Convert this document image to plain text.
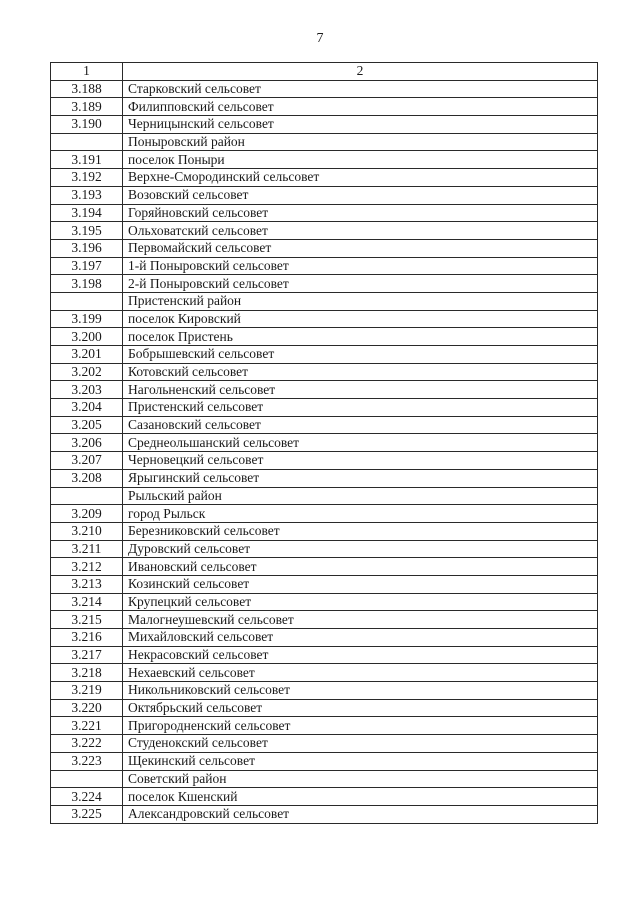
7
1	2
3.188	Старковский сельсовет
3.189	Филипповский сельсовет
3.190	Черницынский сельсовет
	Поныровский район
3.191	поселок Поныри
3.192	Верхне-Смородинский сельсовет
3.193	Возовский сельсовет
3.194	Горяйновский сельсовет
3.195	Ольховатский сельсовет
3.196	Первомайский сельсовет
3.197	1-й Поныровский сельсовет
3.198	2-й Поныровский сельсовет
	Пристенский район
3.199	поселок Кировский
3.200	поселок Пристень
3.201	Бобрышевский сельсовет
3.202	Котовский сельсовет
3.203	Нагольненский сельсовет
3.204	Пристенский сельсовет
3.205	Сазановский сельсовет
3.206	Среднеольшанский сельсовет
3.207	Черновецкий сельсовет
3.208	Ярыгинский сельсовет
	Рыльский район
3.209	город Рыльск
3.210	Березниковский сельсовет
3.211	Дуровский сельсовет
3.212	Ивановский сельсовет
3.213	Козинский сельсовет
3.214	Крупецкий сельсовет
3.215	Малогнеушевский сельсовет
3.216	Михайловский сельсовет
3.217	Некрасовский сельсовет
3.218	Нехаевский сельсовет
3.219	Никольниковский сельсовет
3.220	Октябрьский сельсовет
3.221	Пригородненский сельсовет
3.222	Студенокский сельсовет
3.223	Щекинский сельсовет
	Советский район
3.224	поселок Кшенский
3.225	Александровский сельсовет
